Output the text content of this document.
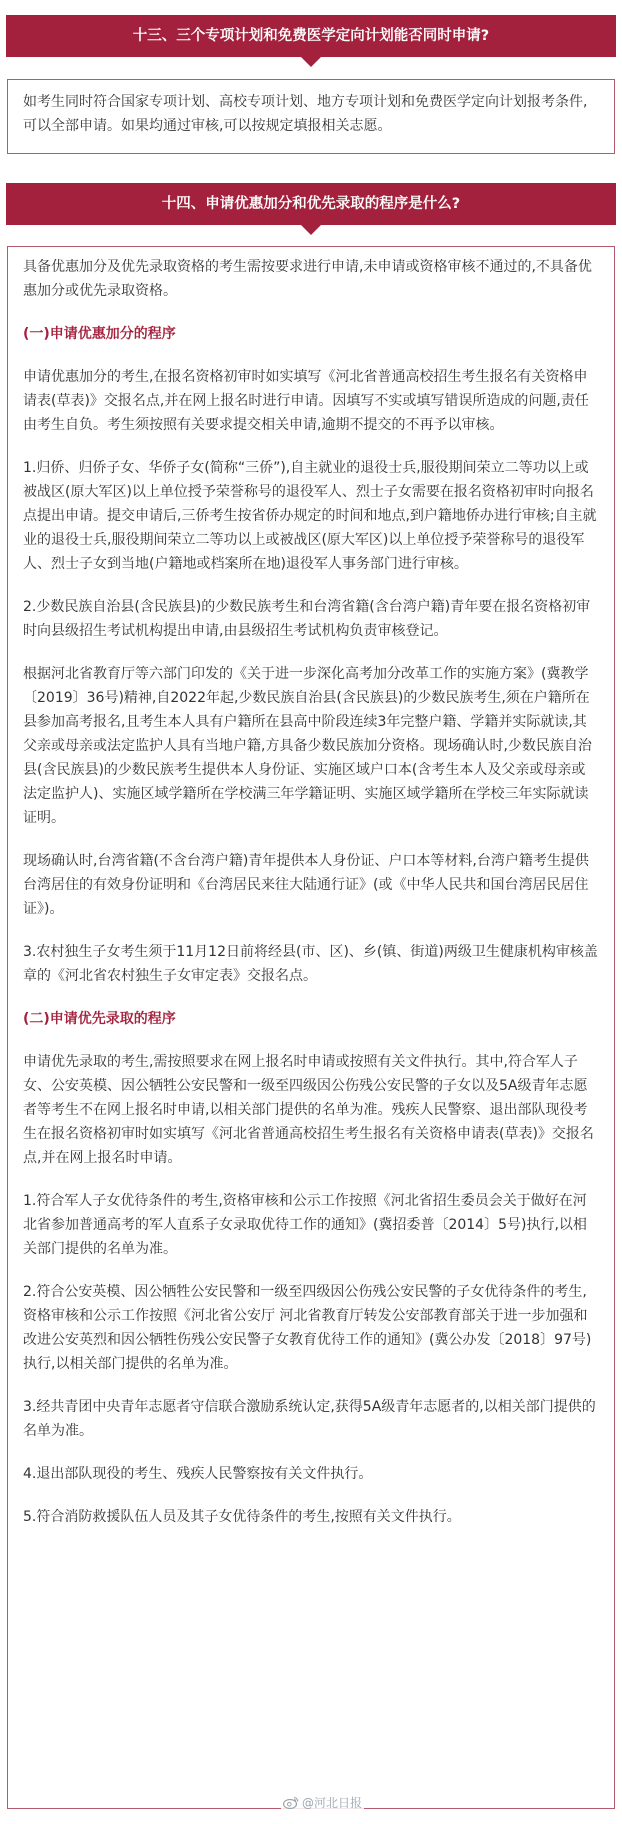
十三、三个专项计划和免费医学定向计划能否同时申请?

如考生同时符合国家专项计划、高校专项计划、地方专项计划和免费医学定向计划报考条件,可以全部申请。如果均通过审核,可以按规定填报相关志愿。

十四、申请优惠加分和优先录取的程序是什么?

具备优惠加分及优先录取资格的考生需按要求进行申请,未申请或资格审核不通过的,不具备优惠加分或优先录取资格。

(一)申请优惠加分的程序

申请优惠加分的考生,在报名资格初审时如实填写《河北省普通高校招生考生报名有关资格申请表(草表)》交报名点,并在网上报名时进行申请。因填写不实或填写错误所造成的问题,责任由考生自负。考生须按照有关要求提交相关申请,逾期不提交的不再予以审核。

1.归侨、归侨子女、华侨子女(简称“三侨”),自主就业的退役士兵,服役期间荣立二等功以上或被战区(原大军区)以上单位授予荣誉称号的退役军人、烈士子女需要在报名资格初审时向报名点提出申请。提交申请后,三侨考生按省侨办规定的时间和地点,到户籍地侨办进行审核;自主就业的退役士兵,服役期间荣立二等功以上或被战区(原大军区)以上单位授予荣誉称号的退役军人、烈士子女到当地(户籍地或档案所在地)退役军人事务部门进行审核。

2.少数民族自治县(含民族县)的少数民族考生和台湾省籍(含台湾户籍)青年要在报名资格初审时向县级招生考试机构提出申请,由县级招生考试机构负责审核登记。

根据河北省教育厅等六部门印发的《关于进一步深化高考加分改革工作的实施方案》(冀教学〔2019〕36号)精神,自2022年起,少数民族自治县(含民族县)的少数民族考生,须在户籍所在县参加高考报名,且考生本人具有户籍所在县高中阶段连续3年完整户籍、学籍并实际就读,其父亲或母亲或法定监护人具有当地户籍,方具备少数民族加分资格。现场确认时,少数民族自治县(含民族县)的少数民族考生提供本人身份证、实施区域户口本(含考生本人及父亲或母亲或法定监护人)、实施区域学籍所在学校满三年学籍证明、实施区域学籍所在学校三年实际就读证明。

现场确认时,台湾省籍(不含台湾户籍)青年提供本人身份证、户口本等材料,台湾户籍考生提供台湾居住的有效身份证明和《台湾居民来往大陆通行证》(或《中华人民共和国台湾居民居住证》)。

3.农村独生子女考生须于11月12日前将经县(市、区)、乡(镇、街道)两级卫生健康机构审核盖章的《河北省农村独生子女审定表》交报名点。

(二)申请优先录取的程序

申请优先录取的考生,需按照要求在网上报名时申请或按照有关文件执行。其中,符合军人子女、公安英模、因公牺牲公安民警和一级至四级因公伤残公安民警的子女以及5A级青年志愿者等考生不在网上报名时申请,以相关部门提供的名单为准。残疾人民警察、退出部队现役考生在报名资格初审时如实填写《河北省普通高校招生考生报名有关资格申请表(草表)》交报名点,并在网上报名时申请。

1.符合军人子女优待条件的考生,资格审核和公示工作按照《河北省招生委员会关于做好在河北省参加普通高考的军人直系子女录取优待工作的通知》(冀招委普〔2014〕5号)执行,以相关部门提供的名单为准。

2.符合公安英模、因公牺牲公安民警和一级至四级因公伤残公安民警的子女优待条件的考生,资格审核和公示工作按照《河北省公安厅 河北省教育厅转发公安部教育部关于进一步加强和改进公安英烈和因公牺牲伤残公安民警子女教育优待工作的通知》(冀公办发〔2018〕97号)执行,以相关部门提供的名单为准。

3.经共青团中央青年志愿者守信联合激励系统认定,获得5A级青年志愿者的,以相关部门提供的名单为准。

4.退出部队现役的考生、残疾人民警察按有关文件执行。

5.符合消防救援队伍人员及其子女优待条件的考生,按照有关文件执行。

@河北日报
